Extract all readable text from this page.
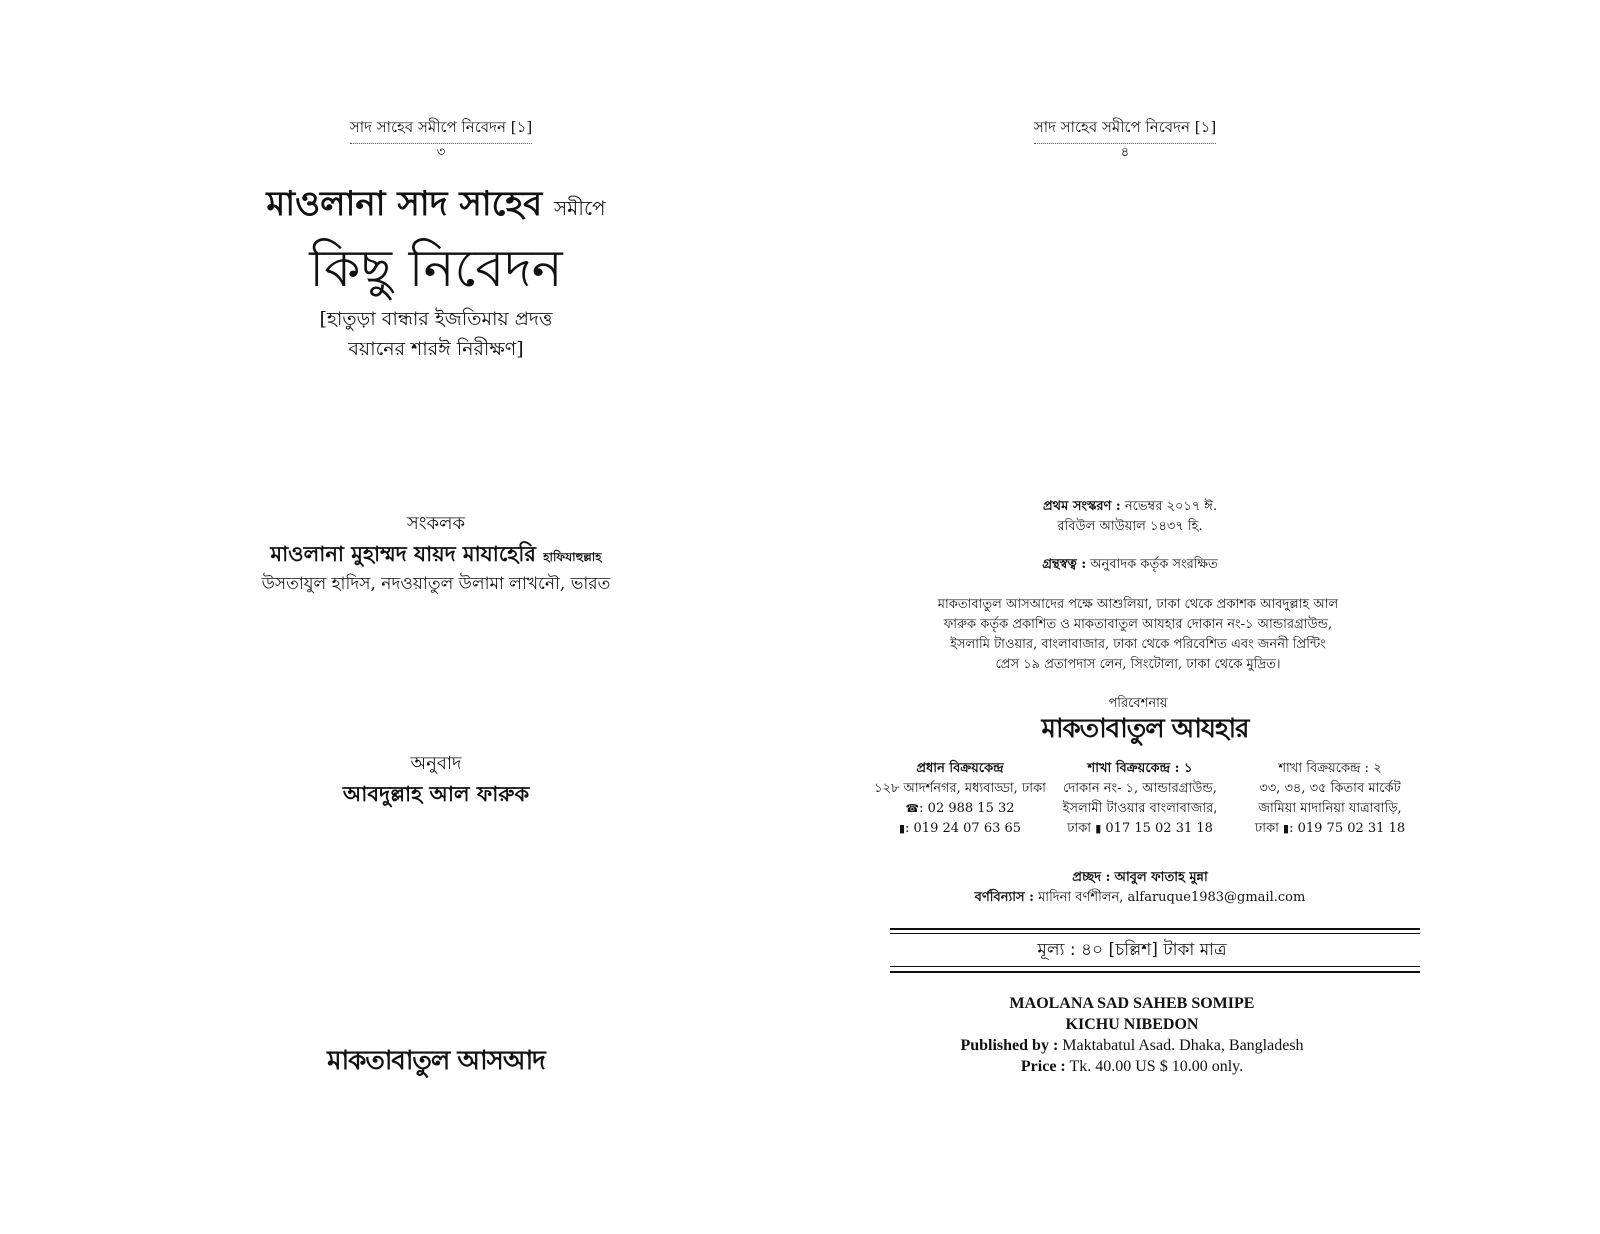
সাদ সাহেব সমীপে নিবেদন [১]
৩
মাওলানা সাদ সাহেব সমীপে
কিছু নিবেদন
[হাতুড়া বান্ধার ইজতিমায় প্রদত্ত
বয়ানের শারঈ নিরীক্ষণ]
সংকলক
মাওলানা মুহাম্মদ যায়দ মাযাহেরি হাফিযাহুল্লাহ
উসতাযুল হাদিস, নদওয়াতুল উলামা লাখনৌ, ভারত
অনুবাদ
আবদুল্লাহ আল ফারুক
মাকতাবাতুল আসআদ
সাদ সাহেব সমীপে নিবেদন [১]
৪
প্রথম সংস্করণ : নভেম্বর ২০১৭ ঈ.
রবিউল আউয়াল ১৪৩৭ হি.
গ্রন্থস্বত্ব : অনুবাদক কর্তৃক সংরক্ষিত
মাকতাবাতুল আসআদের পক্ষে আশুলিয়া, ঢাকা থেকে প্রকাশক আবদুল্লাহ আল
ফারুক কর্তৃক প্রকাশিত ও মাকতাবাতুল আযহার দোকান নং-১ আন্ডারগ্রাউন্ড,
ইসলামি টাওয়ার, বাংলাবাজার, ঢাকা থেকে পরিবেশিত এবং জননী প্রিন্টিং
প্রেস ১৯ প্রতাপদাস লেন, সিংটোলা, ঢাকা থেকে মুদ্রিত।
পরিবেশনায়
মাকতাবাতুল আযহার
প্রধান বিক্রয়কেন্দ্র
১২৮ আদর্শনগর, মধ্যবাড্ডা, ঢাকা
☎: 02 988 15 32
▮: 019 24 07 63 65
শাখা বিক্রয়কেন্দ্র : ১
দোকান নং- ১, আন্ডারগ্রাউন্ড,
ইসলামী টাওয়ার বাংলাবাজার,
ঢাকা ▮ 017 15 02 31 18
শাখা বিক্রয়কেন্দ্র : ২
৩৩, ৩৪, ৩৫ কিতাব মার্কেট
জামিয়া মাদানিয়া যাত্রাবাড়ি,
ঢাকা ▮: 019 75 02 31 18
প্রচ্ছদ : আবুল ফাতাহ মুন্না
বর্ণবিন্যাস : মাদিনা বর্ণশীলন, alfaruque1983@gmail.com
মূল্য : ৪০ [চল্লিশ] টাকা মাত্র
MAOLANA SAD SAHEB SOMIPE
KICHU NIBEDON
Published by : Maktabatul Asad. Dhaka, Bangladesh
Price : Tk. 40.00 US $ 10.00 only.
